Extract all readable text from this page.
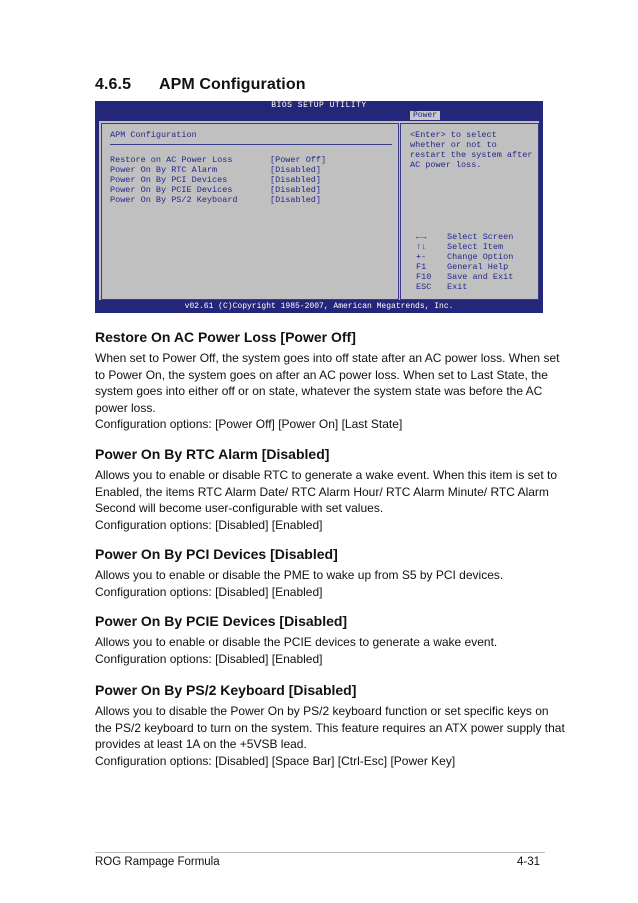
4.6.5 APM Configuration
BIOS SETUP UTILITY
Power
APM Configuration
Restore on AC Power Loss	[Power Off]
Power On By RTC Alarm	[Disabled]
Power On By PCI Devices	[Disabled]
Power On By PCIE Devices	[Disabled]
Power On By PS/2 Keyboard	[Disabled]
<Enter> to select whether or not to restart the system after AC power loss.
←→ Select Screen
↑↓ Select Item
+- Change Option
F1 General Help
F10 Save and Exit
ESC Exit
v02.61 (C)Copyright 1985-2007, American Megatrends, Inc.
Restore On AC Power Loss [Power Off]

When set to Power Off, the system goes into off state after an AC power loss. When set to Power On, the system goes on after an AC power loss. When set to Last State, the system goes into either off or on state, whatever the system state was before the AC power loss.

Configuration options: [Power Off] [Power On] [Last State]

Power On By RTC Alarm [Disabled]

Allows you to enable or disable RTC to generate a wake event. When this item is set to Enabled, the items RTC Alarm Date/ RTC Alarm Hour/ RTC Alarm Minute/ RTC Alarm Second will become user-configurable with set values.

Configuration options: [Disabled] [Enabled]

Power On By PCI Devices [Disabled]

Allows you to enable or disable the PME to wake up from S5 by PCI devices.

Configuration options: [Disabled] [Enabled]

Power On By PCIE Devices [Disabled]

Allows you to enable or disable the PCIE devices to generate a wake event.

Configuration options: [Disabled] [Enabled]

Power On By PS/2 Keyboard [Disabled]

Allows you to disable the Power On by PS/2 keyboard function or set specific keys on the PS/2 keyboard to turn on the system. This feature requires an ATX power supply that provides at least 1A on the +5VSB lead.

Configuration options: [Disabled] [Space Bar] [Ctrl-Esc] [Power Key]

ROG Rampage Formula	4-31
